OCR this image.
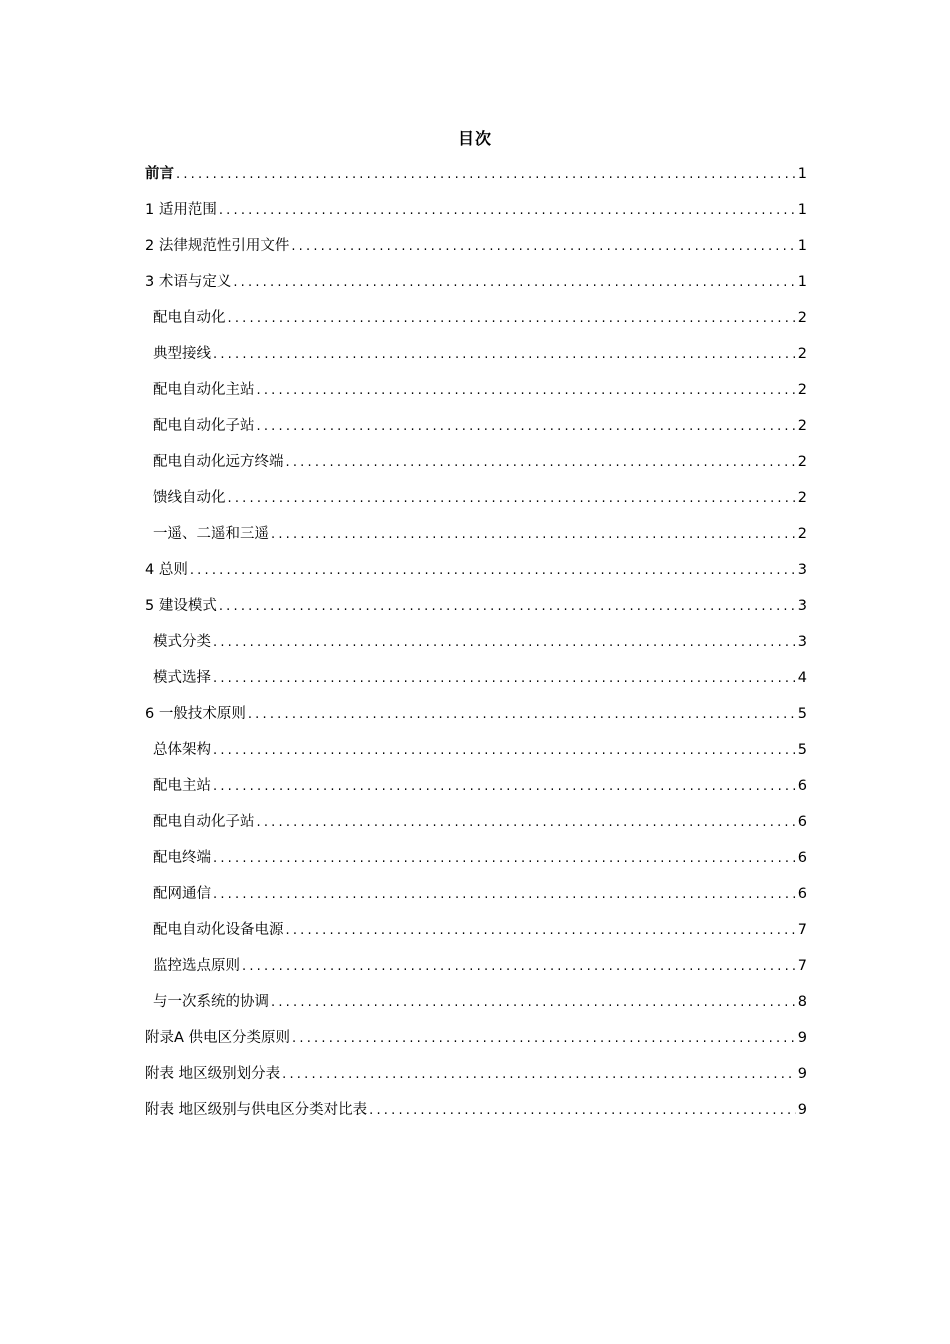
目次
前言 .....	1
1 适用范围 .....	1
2 法律规范性引用文件 .....	1
3 术语与定义 .....	1
配电自动化 .....	2
典型接线 .....	2
配电自动化主站 .....	2
配电自动化子站 .....	2
配电自动化远方终端 .....	2
馈线自动化 .....	2
一遥、二遥和三遥 .....	2
4 总则 .....	3
5 建设模式 .....	3
模式分类 .....	3
模式选择 .....	4
6 一般技术原则 .....	5
总体架构 .....	5
配电主站 .....	6
配电自动化子站 .....	6
配电终端 .....	6
配网通信 .....	6
配电自动化设备电源 .....	7
监控选点原则 .....	7
与一次系统的协调 .....	8
附录A 供电区分类原则 .....	9
附表 地区级别划分表 .....	9
附表 地区级别与供电区分类对比表 .....	9
